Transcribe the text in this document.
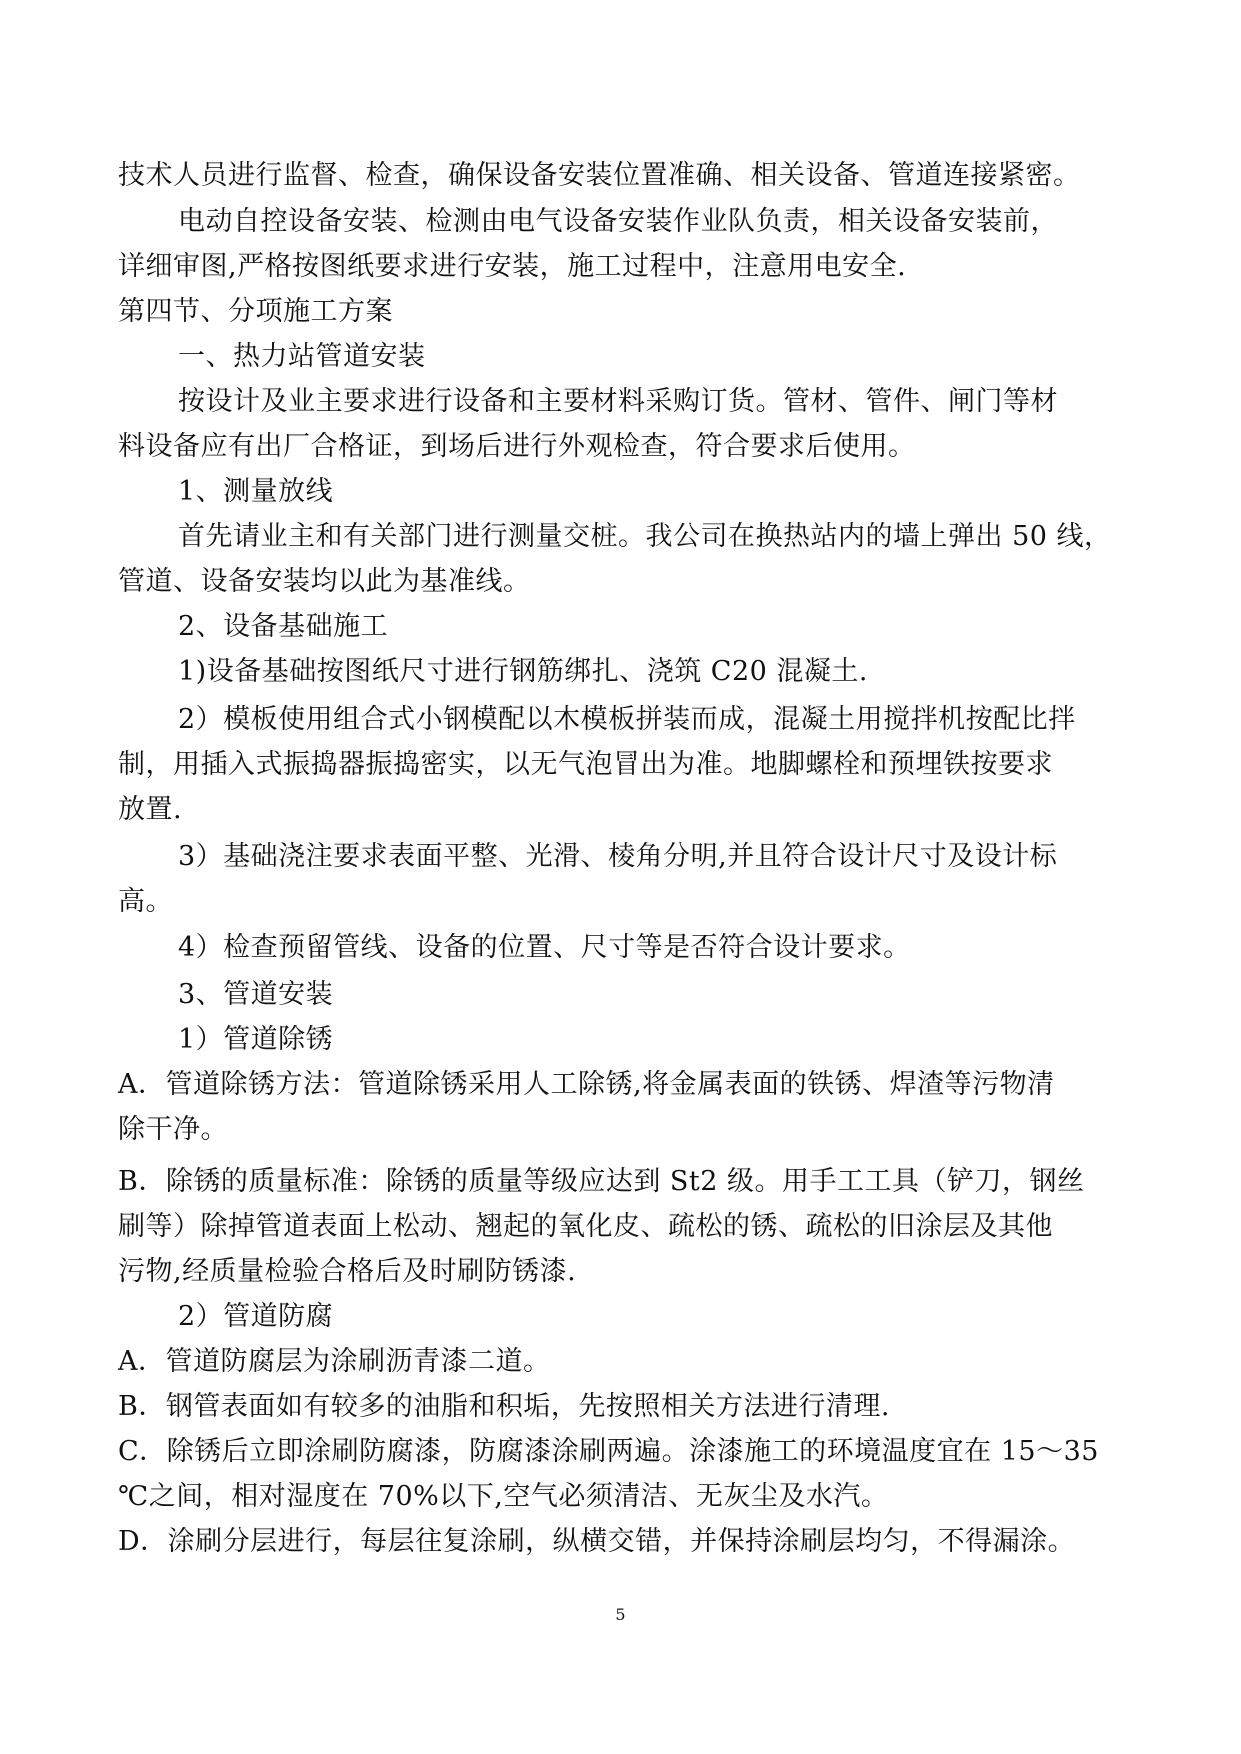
技术人员进行监督、检查，确保设备安装位置准确、相关设备、管道连接紧密。
电动自控设备安装、检测由电气设备安装作业队负责，相关设备安装前，
详细审图,严格按图纸要求进行安装，施工过程中，注意用电安全.
第四节、分项施工方案
一、热力站管道安装
按设计及业主要求进行设备和主要材料采购订货。管材、管件、闸门等材
料设备应有出厂合格证，到场后进行外观检查，符合要求后使用。
1、测量放线
首先请业主和有关部门进行测量交桩。我公司在换热站内的墙上弹出 50 线，
管道、设备安装均以此为基准线。
2、设备基础施工
1)设备基础按图纸尺寸进行钢筋绑扎、浇筑 C20 混凝土.
2）模板使用组合式小钢模配以木模板拼装而成，混凝土用搅拌机按配比拌
制，用插入式振捣器振捣密实，以无气泡冒出为准。地脚螺栓和预埋铁按要求
放置.
3）基础浇注要求表面平整、光滑、棱角分明,并且符合设计尺寸及设计标
高。
4）检查预留管线、设备的位置、尺寸等是否符合设计要求。
3、管道安装
1）管道除锈
A．管道除锈方法：管道除锈采用人工除锈,将金属表面的铁锈、焊渣等污物清
除干净。
B．除锈的质量标准：除锈的质量等级应达到 St2 级。用手工工具（铲刀，钢丝
刷等）除掉管道表面上松动、翘起的氧化皮、疏松的锈、疏松的旧涂层及其他
污物,经质量检验合格后及时刷防锈漆.
2）管道防腐
A．管道防腐层为涂刷沥青漆二道。
B．钢管表面如有较多的油脂和积垢，先按照相关方法进行清理.
C．除锈后立即涂刷防腐漆，防腐漆涂刷两遍。涂漆施工的环境温度宜在 15～35
℃之间，相对湿度在 70%以下,空气必须清洁、无灰尘及水汽。
D．涂刷分层进行，每层往复涂刷，纵横交错，并保持涂刷层均匀，不得漏涂。
5
